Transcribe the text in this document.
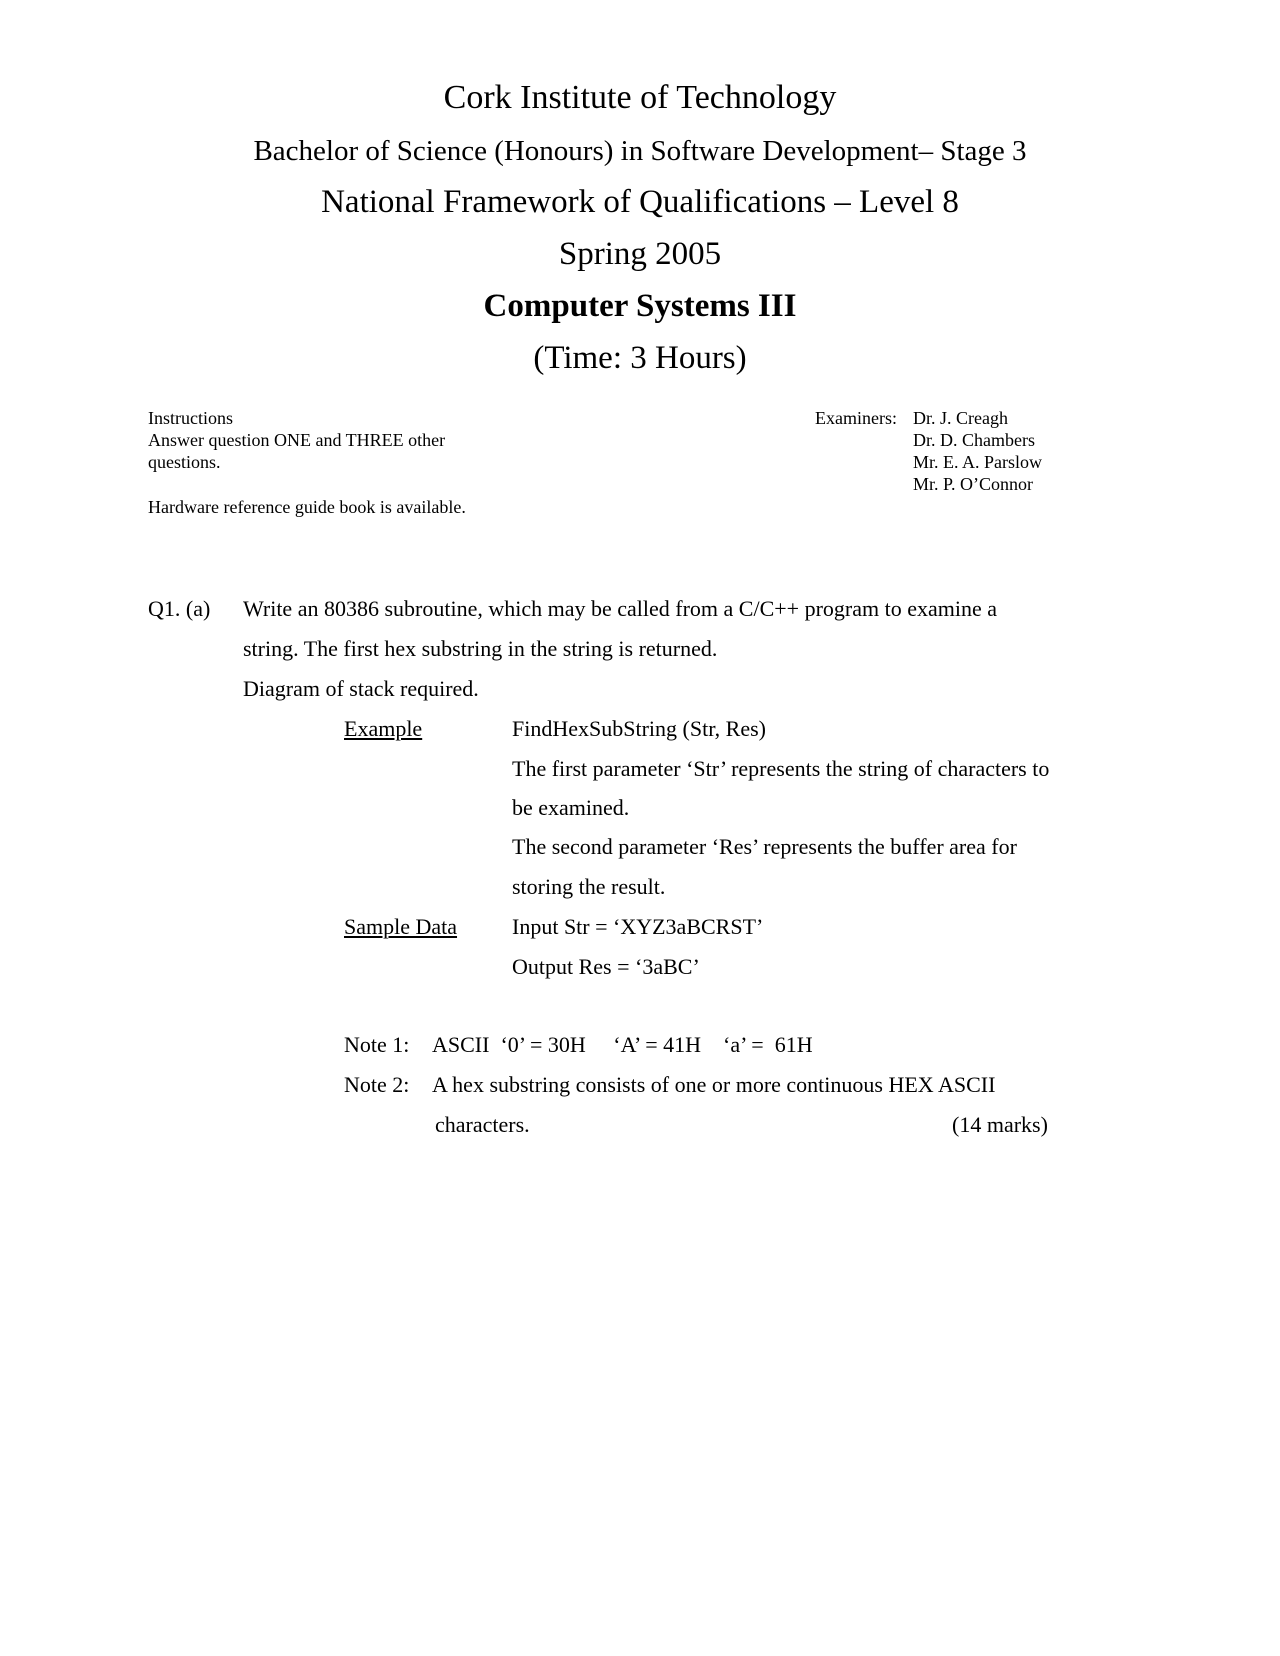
Cork Institute of Technology
Bachelor of Science (Honours) in Software Development– Stage 3
National Framework of Qualifications – Level 8
Spring 2005
Computer Systems III
(Time: 3 Hours)
Instructions
Answer question ONE and THREE other
questions.
Hardware reference guide book is available.
Examiners: Dr. J. Creagh
Dr. D. Chambers
Mr. E. A. Parslow
Mr. P. O’Connor
Q1. (a) Write an 80386 subroutine, which may be called from a C/C++ program to examine a
string. The first hex substring in the string is returned.
Diagram of stack required.
Example	FindHexSubString (Str, Res)
The first parameter ‘Str’ represents the string of characters to
be examined.
The second parameter ‘Res’ represents the buffer area for
storing the result.
Sample Data Input Str = ‘XYZ3aBCRST’
Output Res = ‘3aBC’
Note 1: ASCII  ‘0’ = 30H     ‘A’ = 41H    ‘a’ =  61H
Note 2: A hex substring consists of one or more continuous HEX ASCII
characters.	(14 marks)
